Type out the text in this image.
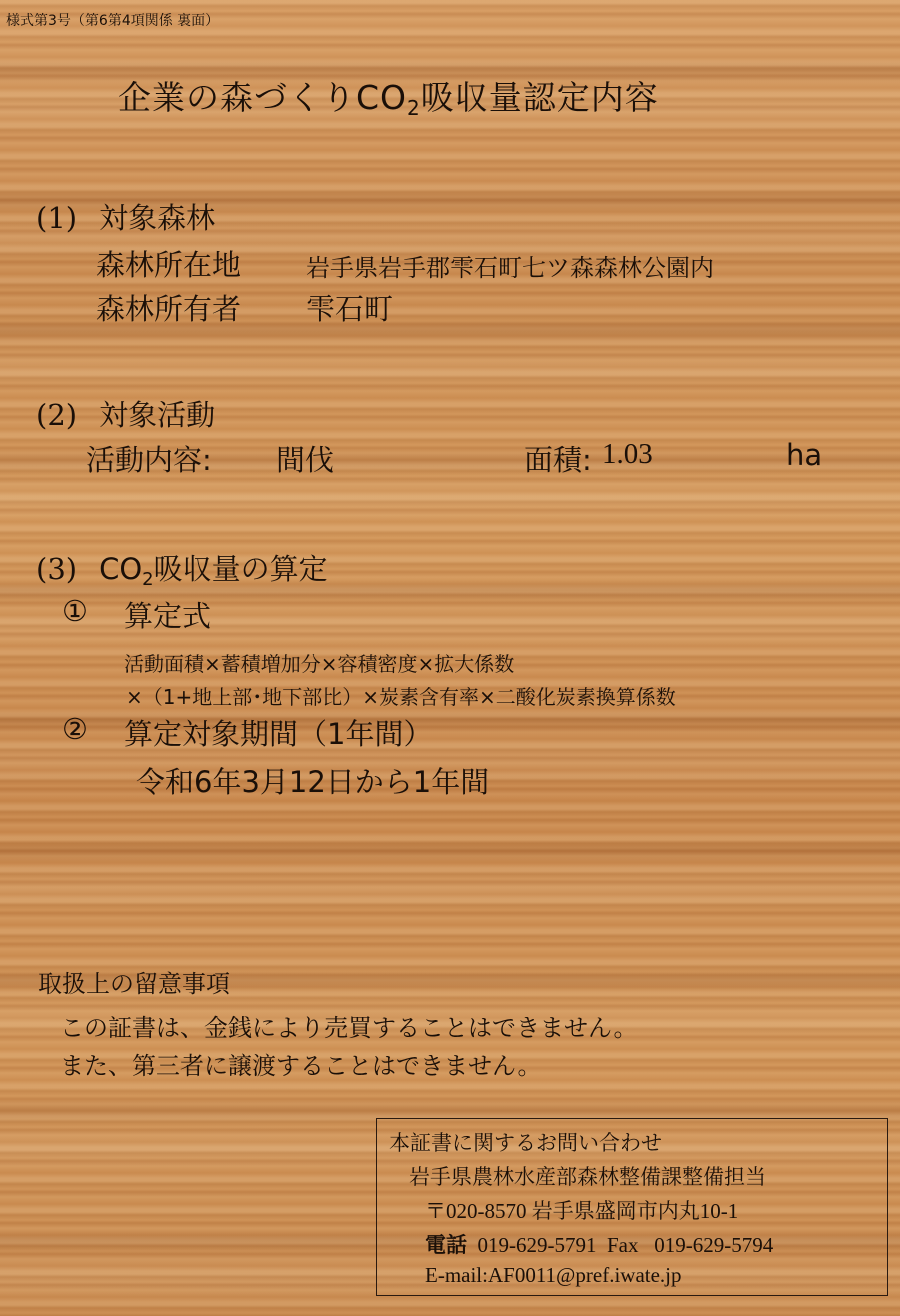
様式第3号（第6第4項関係 裏面）
企業の森づくり$CO_2$吸収量認定内容
(1) 対象森林
森林所在地	岩手県岩手郡雫石町七ツ森森林公園内
森林所有者 雫石町
(2) 対象活動
活動内容: 間伐	面積: 1.03	ha
(3) $CO_2$吸収量の算定
① 算定式
活動面積×蓄積増加分×容積密度×拡大係数
×（1+地上部･地下部比）×炭素含有率×二酸化炭素換算係数
② 算定対象期間（1年間）
令和6年3月12日から1年間
取扱上の留意事項
この証書は、金銭により売買することはできません。
また、第三者に譲渡することはできません。
本証書に関するお問い合わせ
岩手県農林水産部森林整備課整備担当
〒020-8570 岩手県盛岡市内丸10-1
電話 019-629-5791 Fax 019-629-5794
E-mail:AF0011@pref.iwate.jp
